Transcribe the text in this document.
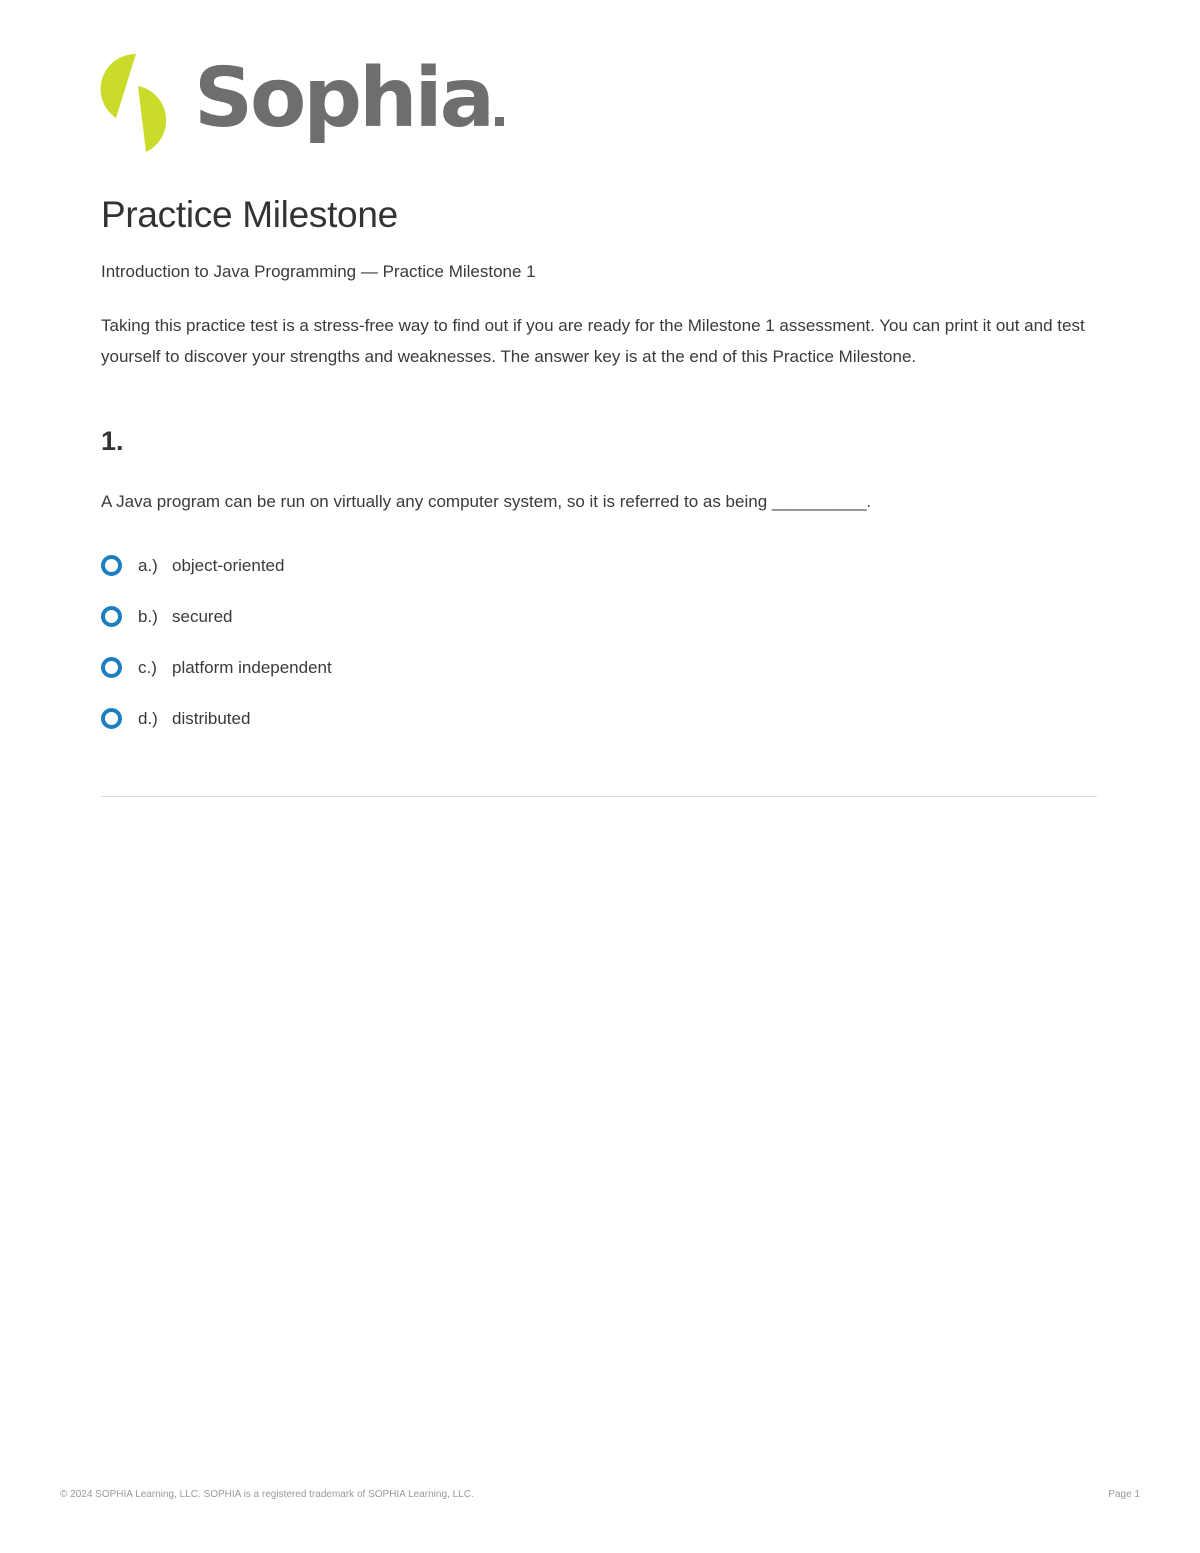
Sophia
Practice Milestone

Introduction to Java Programming — Practice Milestone 1

Taking this practice test is a stress-free way to find out if you are ready for the Milestone 1 assessment. You can print it out and test yourself to discover your strengths and weaknesses. The answer key is at the end of this Practice Milestone.

1.

A Java program can be run on virtually any computer system, so it is referred to as being __________.

a.) object-oriented
b.) secured
c.) platform independent
d.) distributed
© 2024 SOPHIA Learning, LLC. SOPHIA is a registered trademark of SOPHIA Learning, LLC.	Page 1
